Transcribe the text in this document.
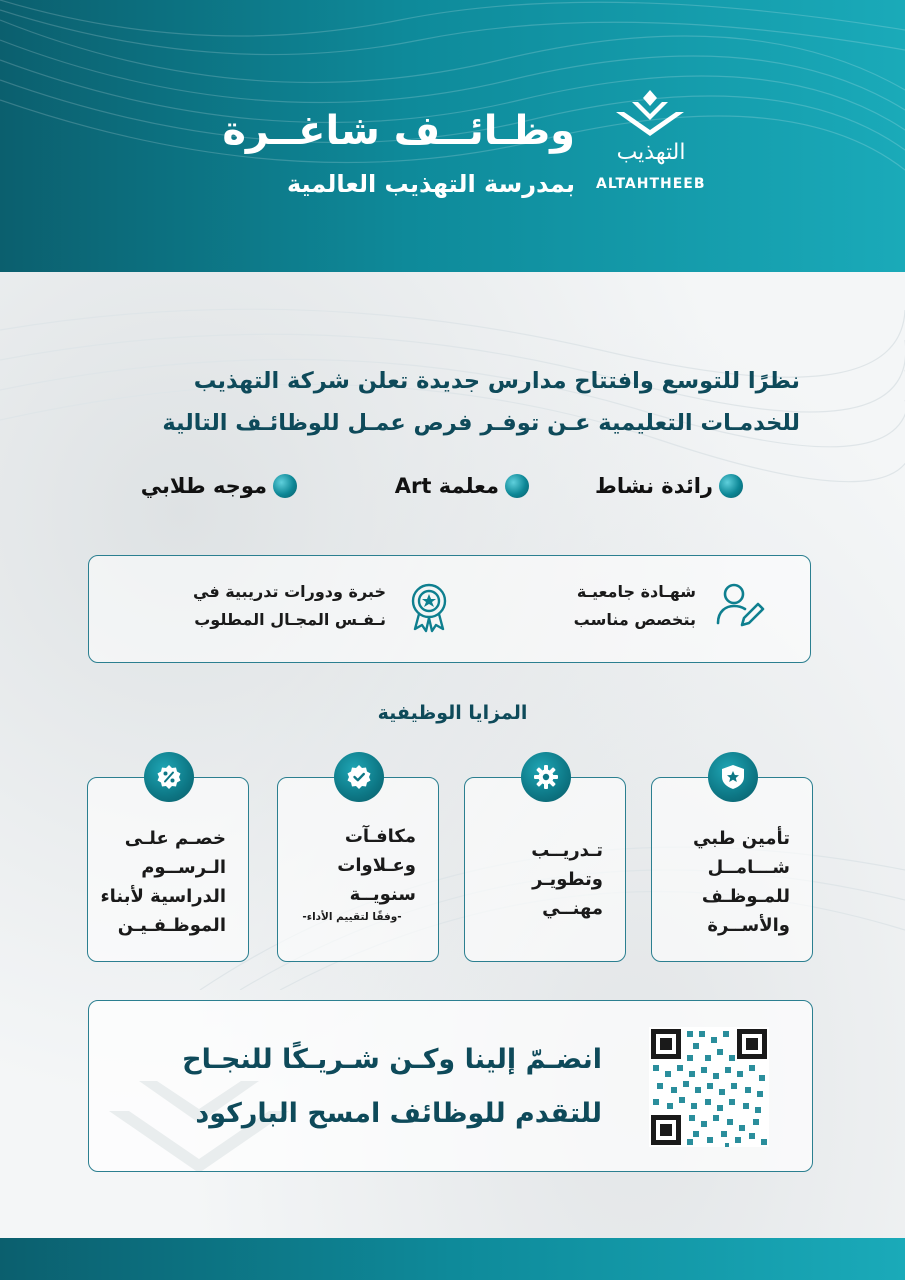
وظـائــف شاغــرة
بمدرسة التهذيب العالمية
التهذيب
ALTAHTHEEB
نظرًا للتوسع وافتتاح مدارس جديدة تعلن شركة التهذيب
للخدمـات التعليمية عـن توفـر فرص عمـل للوظائـف التالية
رائدة نشاط
معلمة Art
موجه طلابي
شهـادة جامعيـة
بتخصص مناسب
خبرة ودورات تدريبية في
نـفـس المجـال المطلوب
المزايا الوظيفية
تأمين طبي
شـــامــل
للمـوظـف
والأســرة
تـدريــب
وتطويـر
مهنــي
مكافـآت
وعـلاوات
سنويــة
-وفقًا لتقييم الأداء-
خصـم علـى
الـرســوم
الدراسية لأبناء
الموظـفـيـن
انضـمّ إلينا وكـن شـريـكًا للنجـاح
للتقدم للوظائف امسح الباركود
